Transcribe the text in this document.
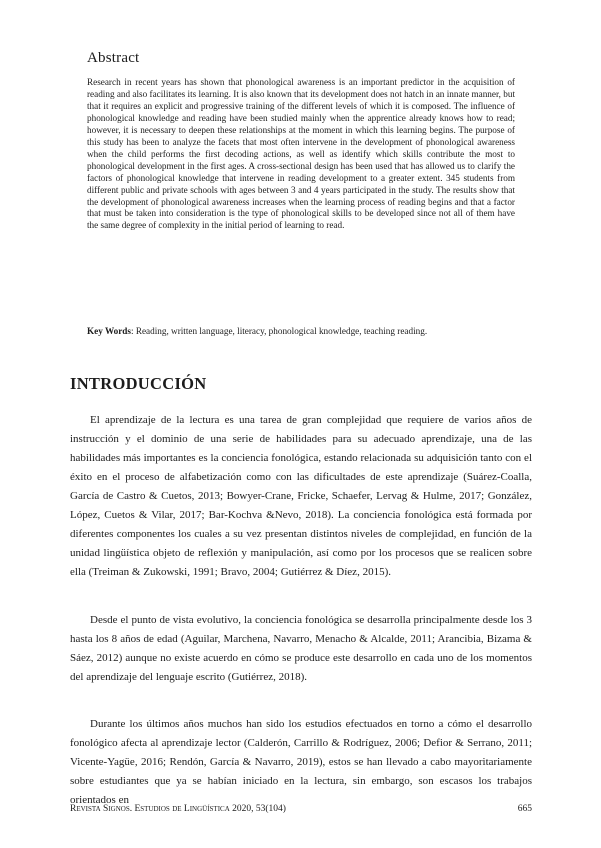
Abstract
Research in recent years has shown that phonological awareness is an important predictor in the acquisition of reading and also facilitates its learning. It is also known that its development does not hatch in an innate manner, but that it requires an explicit and progressive training of the different levels of which it is composed. The influence of phonological knowledge and reading have been studied mainly when the apprentice already knows how to read; however, it is necessary to deepen these relationships at the moment in which this learning begins. The purpose of this study has been to analyze the facets that most often intervene in the development of phonological awareness when the child performs the first decoding actions, as well as identify which skills contribute the most to phonological development in the first ages. A cross-sectional design has been used that has allowed us to clarify the factors of phonological knowledge that intervene in reading development to a greater extent. 345 students from different public and private schools with ages between 3 and 4 years participated in the study. The results show that the development of phonological awareness increases when the learning process of reading begins and that a factor that must be taken into consideration is the type of phonological skills to be developed since not all of them have the same degree of complexity in the initial period of learning to read.
Key Words: Reading, written language, literacy, phonological knowledge, teaching reading.
INTRODUCCIÓN

El aprendizaje de la lectura es una tarea de gran complejidad que requiere de varios años de instrucción y el dominio de una serie de habilidades para su adecuado aprendizaje, una de las habilidades más importantes es la conciencia fonológica, estando relacionada su adquisición tanto con el éxito en el proceso de alfabetización como con las dificultades de este aprendizaje (Suárez-Coalla, García de Castro & Cuetos, 2013; Bowyer-Crane, Fricke, Schaefer, Lervag & Hulme, 2017; González, López, Cuetos & Vilar, 2017; Bar-Kochva &Nevo, 2018). La conciencia fonológica está formada por diferentes componentes los cuales a su vez presentan distintos niveles de complejidad, en función de la unidad lingüística objeto de reflexión y manipulación, así como por los procesos que se realicen sobre ella (Treiman & Zukowski, 1991; Bravo, 2004; Gutiérrez & Díez, 2015).

Desde el punto de vista evolutivo, la conciencia fonológica se desarrolla principalmente desde los 3 hasta los 8 años de edad (Aguilar, Marchena, Navarro, Menacho & Alcalde, 2011; Arancibia, Bizama & Sáez, 2012) aunque no existe acuerdo en cómo se produce este desarrollo en cada uno de los momentos del aprendizaje del lenguaje escrito (Gutiérrez, 2018).

Durante los últimos años muchos han sido los estudios efectuados en torno a cómo el desarrollo fonológico afecta al aprendizaje lector (Calderón, Carrillo & Rodríguez, 2006; Defior & Serrano, 2011; Vicente-Yagüe, 2016; Rendón, García & Navarro, 2019), estos se han llevado a cabo mayoritariamente sobre estudiantes que ya se habían iniciado en la lectura, sin embargo, son escasos los trabajos orientados en

Revista Signos. Estudios de Lingüística 2020, 53(104)	665
